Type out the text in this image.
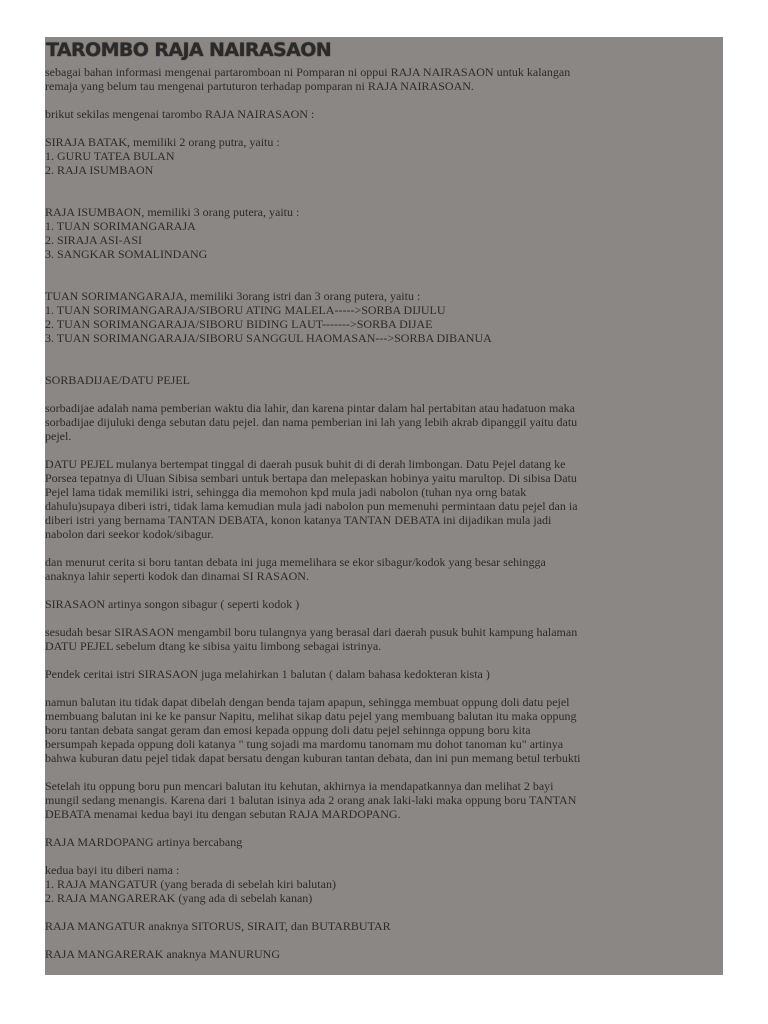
TAROMBO RAJA NAIRASAON
sebagai bahan informasi mengenai partaromboan ni Pomparan ni oppui RAJA NAIRASAON untuk kalangan
remaja yang belum tau mengenai partuturon terhadap pomparan ni RAJA NAIRASOAN.
brikut sekilas mengenai tarombo RAJA NAIRASAON :
SIRAJA BATAK, memiliki 2 orang putra, yaitu :
1. GURU TATEA BULAN
2. RAJA ISUMBAON
RAJA ISUMBAON, memiliki 3 orang putera, yaitu :
1. TUAN SORIMANGARAJA
2. SIRAJA ASI-ASI
3. SANGKAR SOMALINDANG
TUAN SORIMANGARAJA, memiliki 3orang istri dan 3 orang putera, yaitu :
1. TUAN SORIMANGARAJA/SIBORU ATING MALELA----->SORBA DIJULU
2. TUAN SORIMANGARAJA/SIBORU BIDING LAUT------->SORBA DIJAE
3. TUAN SORIMANGARAJA/SIBORU SANGGUL HAOMASAN--->SORBA DIBANUA
SORBADIJAE/DATU PEJEL
sorbadijae adalah nama pemberian waktu dia lahir, dan karena pintar dalam hal pertabitan atau hadatuon maka
sorbadijae dijuluki denga sebutan datu pejel. dan nama pemberian ini lah yang lebih akrab dipanggil yaitu datu
pejel.
DATU PEJEL mulanya bertempat tinggal di daerah pusuk buhit di di derah limbongan. Datu Pejel datang ke
Porsea tepatnya di Uluan Sibisa sembari untuk bertapa dan melepaskan hobinya yaitu marultop. Di sibisa Datu
Pejel lama tidak memiliki istri, sehingga dia memohon kpd mula jadi nabolon (tuhan nya orng batak
dahulu)supaya diberi istri, tidak lama kemudian mula jadi nabolon pun memenuhi permintaan datu pejel dan ia
diberi istri yang bernama TANTAN DEBATA, konon katanya TANTAN DEBATA ini dijadikan mula jadi
nabolon dari seekor kodok/sibagur.
dan menurut cerita si boru tantan debata ini juga memelihara se ekor sibagur/kodok yang besar sehingga
anaknya lahir seperti kodok dan dinamai SI RASAON.
SIRASAON artinya songon sibagur ( seperti kodok )
sesudah besar SIRASAON mengambil boru tulangnya yang berasal dari daerah pusuk buhit kampung halaman
DATU PEJEL sebelum dtang ke sibisa yaitu limbong sebagai istrinya.
Pendek ceritai istri SIRASAON juga melahirkan 1 balutan ( dalam bahasa kedokteran kista )
namun balutan itu tidak dapat dibelah dengan benda tajam apapun, sehingga membuat oppung doli datu pejel
membuang balutan ini ke ke pansur Napitu, melihat sikap datu pejel yang membuang balutan itu maka oppung
boru tantan debata sangat geram dan emosi kepada oppung doli datu pejel sehinnga oppung boru kita
bersumpah kepada oppung doli katanya " tung sojadi ma mardomu tanomam mu dohot tanoman ku" artinya
bahwa kuburan datu pejel tidak dapat bersatu dengan kuburan tantan debata, dan ini pun memang betul terbukti
Setelah itu oppung boru pun mencari balutan itu kehutan, akhirnya ia mendapatkannya dan melihat 2 bayi
mungil sedang menangis. Karena dari 1 balutan isinya ada 2 orang anak laki-laki maka oppung boru TANTAN
DEBATA menamai kedua bayi itu dengan sebutan RAJA MARDOPANG.
RAJA MARDOPANG artinya bercabang
kedua bayi itu diberi nama :
1. RAJA MANGATUR (yang berada di sebelah kiri balutan)
2. RAJA MANGARERAK (yang ada di sebelah kanan)
RAJA MANGATUR anaknya SITORUS, SIRAIT, dan BUTARBUTAR
RAJA MANGARERAK anaknya MANURUNG
